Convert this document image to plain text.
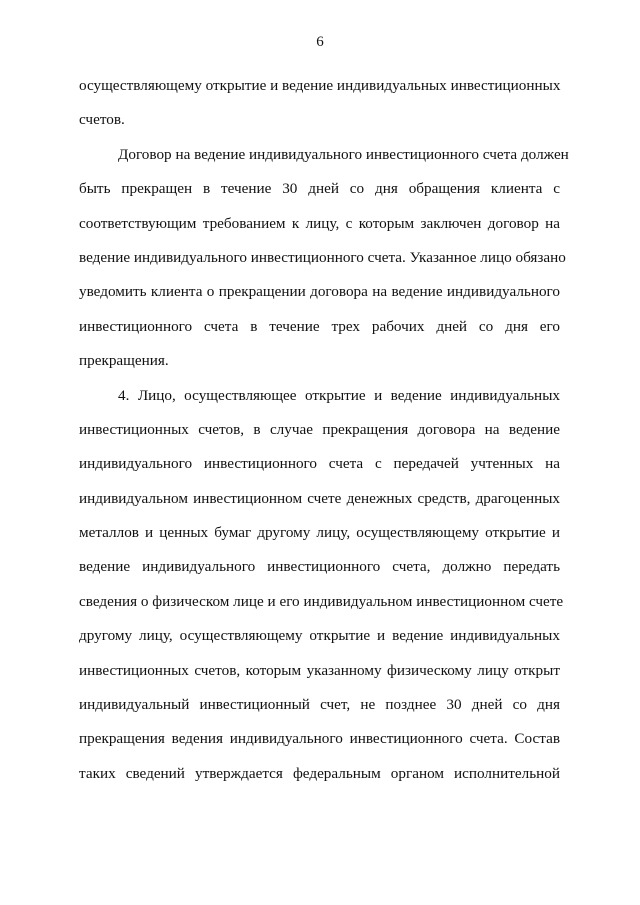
6
осуществляющему открытие и ведение индивидуальных инвестиционных
счетов.
Договор на ведение индивидуального инвестиционного счета должен
быть прекращен в течение 30 дней со дня обращения клиента с
соответствующим требованием к лицу, с которым заключен договор на
ведение индивидуального инвестиционного счета. Указанное лицо обязано
уведомить клиента о прекращении договора на ведение индивидуального
инвестиционного счета в течение трех рабочих дней со дня его
прекращения.
4. Лицо, осуществляющее открытие и ведение индивидуальных
инвестиционных счетов, в случае прекращения договора на ведение
индивидуального инвестиционного счета с передачей учтенных на
индивидуальном инвестиционном счете денежных средств, драгоценных
металлов и ценных бумаг другому лицу, осуществляющему открытие и
ведение индивидуального инвестиционного счета, должно передать
сведения о физическом лице и его индивидуальном инвестиционном счете
другому лицу, осуществляющему открытие и ведение индивидуальных
инвестиционных счетов, которым указанному физическому лицу открыт
индивидуальный инвестиционный счет, не позднее 30 дней со дня
прекращения ведения индивидуального инвестиционного счета. Состав
таких сведений утверждается федеральным органом исполнительной
